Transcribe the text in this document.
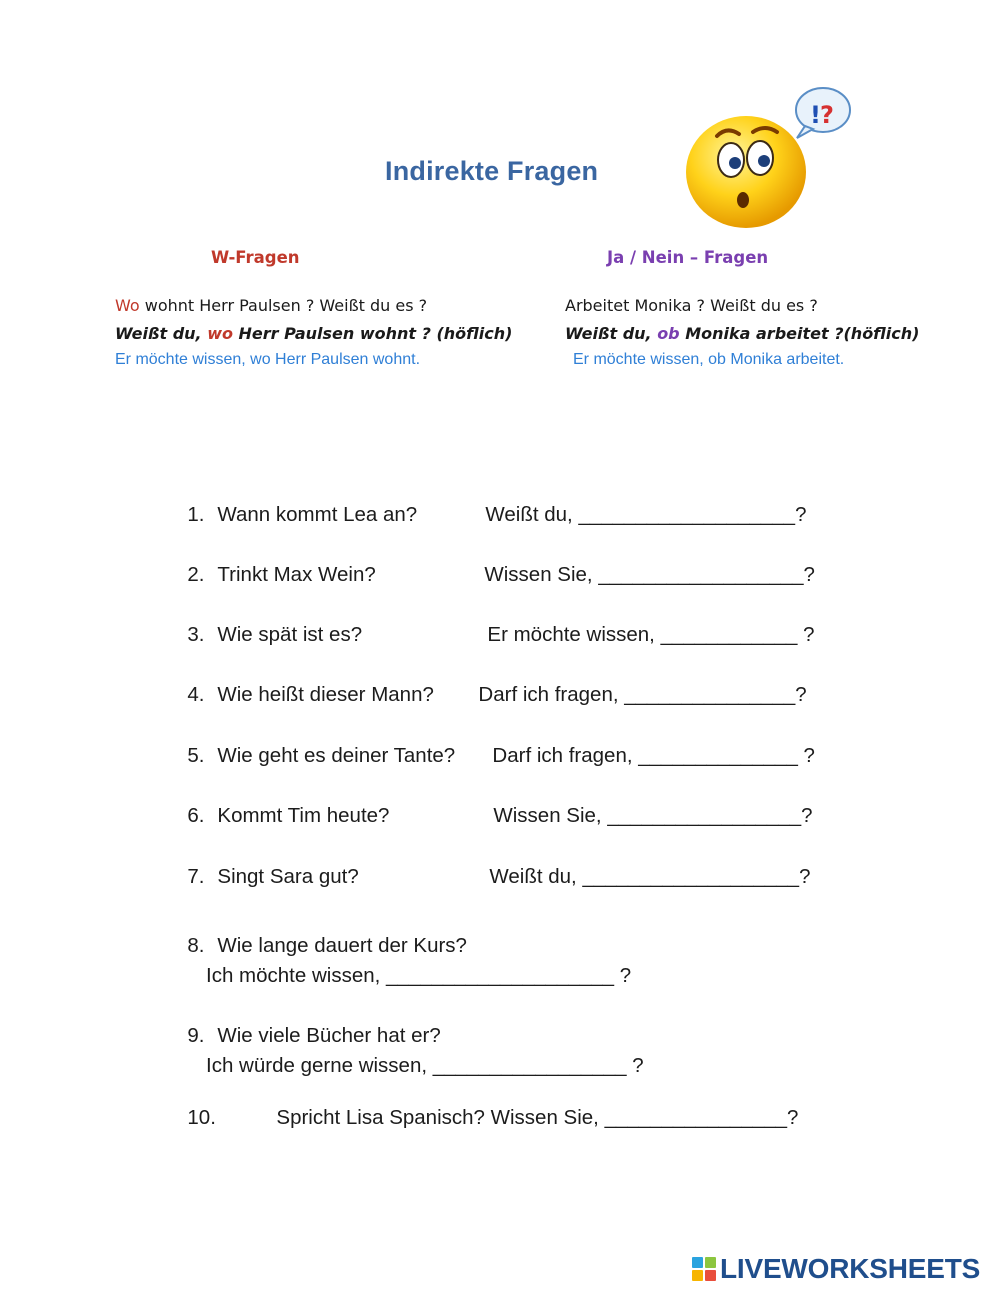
Indirekte Fragen
! ?
W-Fragen
Wo wohnt Herr Paulsen ? Weißt du es ?
Weißt du, wo Herr Paulsen wohnt ? (höflich)
Er möchte wissen, wo Herr Paulsen wohnt.
Ja / Nein – Fragen
Arbeitet Monika ? Weißt du es ?
Weißt du, ob Monika arbeitet ?(höflich)
Er möchte wissen, ob Monika arbeitet.

1. Wann kommt Lea an?	Weißt du, ___________________?

2. Trinkt Max Wein?	Wissen Sie, __________________?

3. Wie spät ist es?	Er möchte wissen, ____________ ?

4. Wie heißt dieser Mann? Darf ich fragen, _______________?

5. Wie geht es deiner Tante? Darf ich fragen, ______________ ?

6. Kommt Tim heute?	Wissen Sie, _________________?

7. Singt Sara gut?	Weißt du, ___________________?

8. Wie lange dauert der Kurs?
Ich möchte wissen, ____________________ ?

9. Wie viele Bücher hat er?
Ich würde gerne wissen, _________________ ?

10.	Spricht Lisa Spanisch? Wissen Sie, ________________?

LIVEWORKSHEETS
